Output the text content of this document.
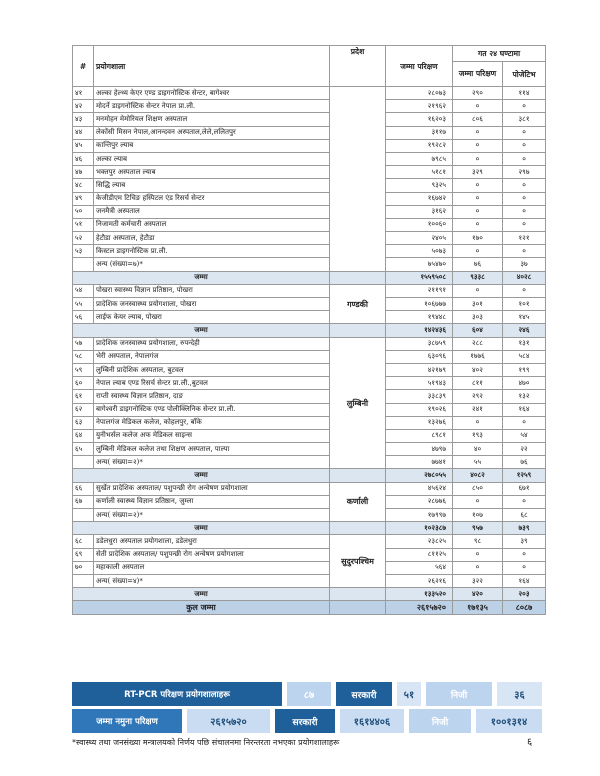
#	प्रयोगशाला	प्रदेश	जम्मा परिक्षण	गत २४ घण्टामा	
				जम्मा परिक्षण	पोजेटिभ
४१	अल्का हेल्थ्य केएर एण्ड डाइगनोस्टिक सेन्टर, बागेश्वर		२८०७३	२९०	११४
४२	मोदर्ने डाइगनोस्टिक सेन्टर नेपाल प्रा.ली.		२१९६२	०	०
४३	मनमोहन मेमोरियल शिक्षण अस्पताल		१६२०३	८०६	३८१
४४	लेकोंसी मिसन नेपाल,आनन्दवन अस्पताल,लेले,ललितपुर		३११७	०	०
४५	कान्तिपुर ल्याब		१९२८२	०	०
४६	अल्का ल्याब		७९८५	०	०
४७	भक्तपुर अस्पताल ल्याब		५१८१	३२९	२९७
४८	सिद्धि ल्याब		९३२५	०	०
४९	केजीडीएम टिचिङ हस्पिटल एंड रिसर्च सेन्टर		१६७४२	०	०
५०	जनमैत्री अस्पताल		३१६२	०	०
५१	निजामती कर्मचारी अस्पताल		१००६०	०	०
५२	हेटौडा अस्पताल, हेटौडा		२४०५	१७०	१२१
५३	किस्टल डाइगनोस्टिक प्रा.ली.		५०७३	०	०
	अन्य (संख्या=७)*		७५४७०	७६	३७
जम्मा			१५५९५०८	९३३८	४०२८
५४	पोखरा स्वास्थ्य विज्ञान प्रतिष्ठान, पोखरा	गण्डकी	२११९१	०	०
५५	प्रादेशिक जनस्वास्थ्य प्रयोगशाला, पोखरा		१०६७७७	३०१	१०१
५६	लाईफ केयर ल्याब, पोखरा		१९४४८	३०३	१४५
जम्मा			१४२४३६	६०४	२४६
५७	प्रादेशिक जनस्वास्थ्य प्रयोगशाला, रुपन्देही	लुम्बिनी	३८७५९	२८८	१३१
५८	भेरी अस्पताल, नेपालगंज		६३०९६	१७७६	५८४
५९	लुम्बिनी प्रादेशिक अस्पताल, बुटवल		४२१७९	४०२	१९९
६०	नेपाल ल्याब एण्ड रिसर्च सेन्टर प्रा.ली.,बुटवल		५१९४३	८११	४७०
६१	राप्ती स्वास्थ्य विज्ञान प्रतिष्ठान, दाङ		३३८३९	२९२	१३२
६२	बागेश्वरी डाइगनोस्टिक एण्ड पोलीक्लिनिक सेन्टर प्रा.ली.		१९०२६	२४१	१६४
६३	नेपालगंज मेडिकल कलेज, कोहलपुर, बाँके		१३२७६	०	०
६४	युनीभर्सल कलेज अफ मेडिकल साइन्स		८९८१	१९३	५४
६५	लुम्बिनी मेडिकल कलेज तथा शिक्षण अस्पताल, पाल्पा		४७९७	४०	२२
	अन्य( संख्या=२)*		७७४१	५५	७६
जम्मा			२७८०५५	४०८२	१२५९
६६	सुर्खेत प्रादेशिक अस्पताल/ पशुपन्छी रोग अन्वेषण प्रयोगशाला	कर्णाली	४५६२४	८५०	६७१
६७	कर्णाली स्वास्थ्य विज्ञान प्रतिष्ठान, जुम्ला		२८७७६	०	०
	अन्य( संख्या=२)*		१७९९७	१०७	६८
जम्मा			१०२३८७	९५७	७३९
६८	डडेलधुरा अस्पताल प्रयोगशाला, डडेलधुरा	सुदुरपश्चिम	२३८२५	९८	३९
६९	सेती प्रादेशिक अस्पताल/ पशुपन्छी रोग अन्वेषण प्रयोगशाला		८११२५	०	०
७०	महाकाली अस्पताल		५६४	०	०
	अन्य( संख्या=४)*		२६२१६	३२२	१६४
जम्मा			१३३५२०	४२०	२०३
कुल जम्मा			२६१५७२०	१७१३५	८०८७
RT-PCR परिक्षण प्रयोगशालाहरू	८७	सरकारी	५१	निजी	३६
जम्मा नमुना परिक्षण	२६१५७२०	सरकारी	१६१४४०६	निजी	१००१३१४
*स्वास्थ्य तथा जनसंख्या मन्त्रालयको निर्णय पछि संचालनमा निरन्तरता नभएका प्रयोगशालाहरू	६
